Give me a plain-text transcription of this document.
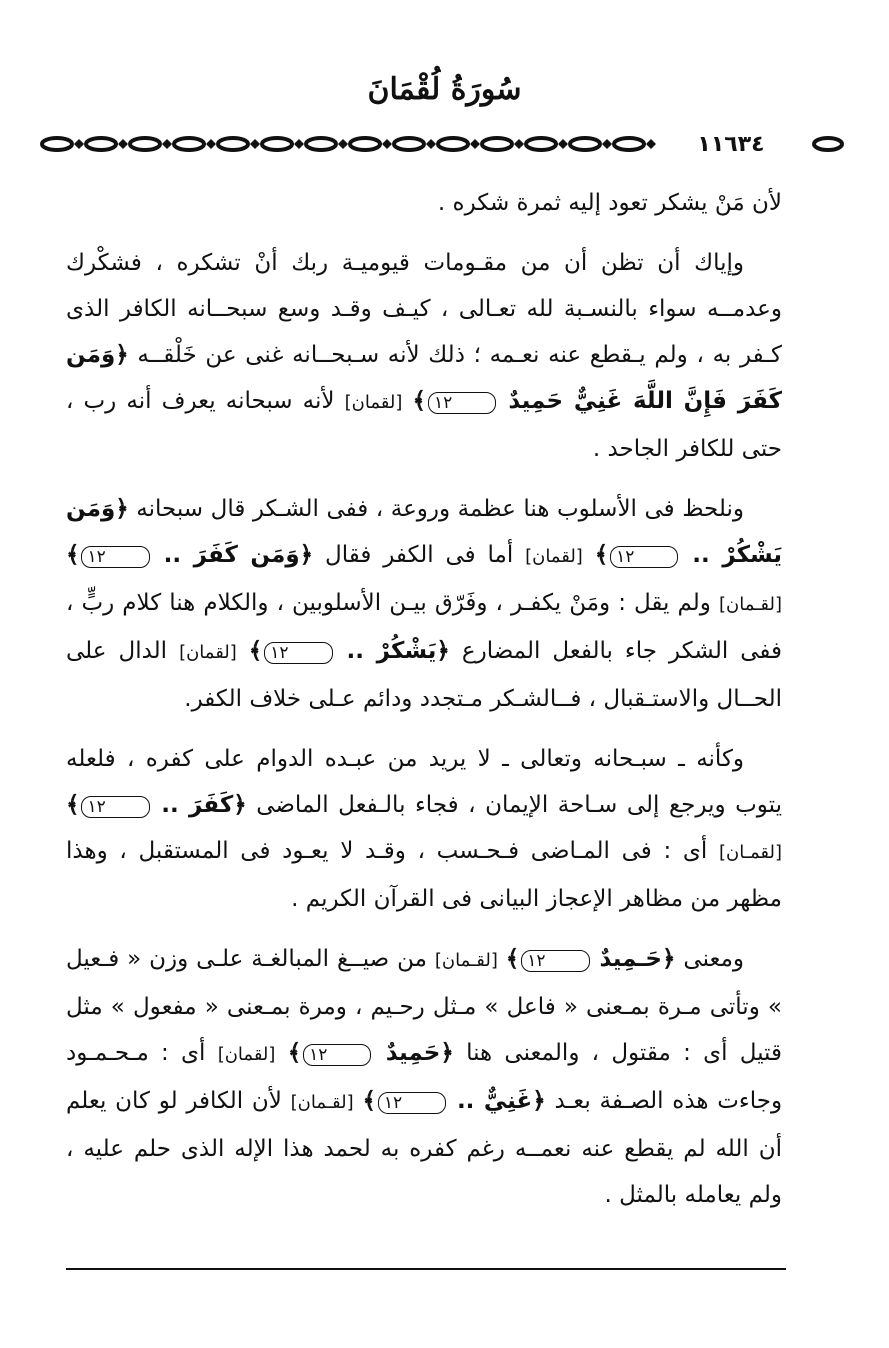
سُورَةُ لُقْمَانَ
١١٦٣٤

لأن مَنْ يشكر تعود إليه ثمرة شكره .

وإياك أن تظن أن من مقـومات قيوميـة ربك أنْ تشكره ، فشكْرك وعدمــه سواء بالنسـبة لله تعـالى ، كيـف وقـد وسع سبحــانه الكافر الذى كـفر به ، ولم يـقطع عنه نعـمه ؛ ذلك لأنه سـبحــانه غنى عن خَلْقــه ﴿وَمَن كَفَرَ فَإِنَّ اللَّهَ غَنِيٌّ حَمِيدٌ ١٢﴾ [لقمان] لأنه سبحانه يعرف أنه رب ، حتى للكافر الجاحد .

ونلحظ فى الأسلوب هنا عظمة وروعة ، ففى الشـكر قال سبحانه ﴿وَمَن يَشْكُرْ .. ١٢﴾ [لقمان] أما فى الكفر فقال ﴿وَمَن كَفَرَ .. ١٢﴾ [لقـمان] ولم يقل : ومَنْ يكفـر ، وفَرّق بيـن الأسلوبين ، والكلام هنا كلام ربٍّ ، ففى الشكر جاء بالفعل المضارع ﴿يَشْكُرْ .. ١٢﴾ [لقمان] الدال على الحــال والاستـقبال ، فــالشـكر مـتجدد ودائم عـلى خلاف الكفر.

وكأنه ـ سبـحانه وتعالى ـ لا يريد من عبـده الدوام على كفره ، فلعله يتوب ويرجع إلى سـاحة الإيمان ، فجاء بالـفعل الماضى ﴿كَفَرَ .. ١٢﴾ [لقمـان] أى : فى المـاضى فـحـسب ، وقـد لا يعـود فى المستقبل ، وهذا مظهر من مظاهر الإعجاز البيانى فى القرآن الكريم .

ومعنى ﴿حَـمِيدٌ ١٢﴾ [لقـمان] من صيــغ المبالغـة علـى وزن « فـعيل » وتأتى مـرة بمـعنى « فاعل » مـثل رحـيم ، ومرة بمـعنى « مفعول » مثل قتيل أى : مقتول ، والمعنى هنا ﴿حَمِيدٌ ١٢﴾ [لقمان] أى : مـحـمـود وجاءت هذه الصـفة بعـد ﴿غَنِيٌّ .. ١٢﴾ [لقـمان] لأن الكافر لو كان يعلم أن الله لم يقطع عنه نعمــه رغم كفره به لحمد هذا الإله الذى حلم عليه ، ولم يعامله بالمثل .
